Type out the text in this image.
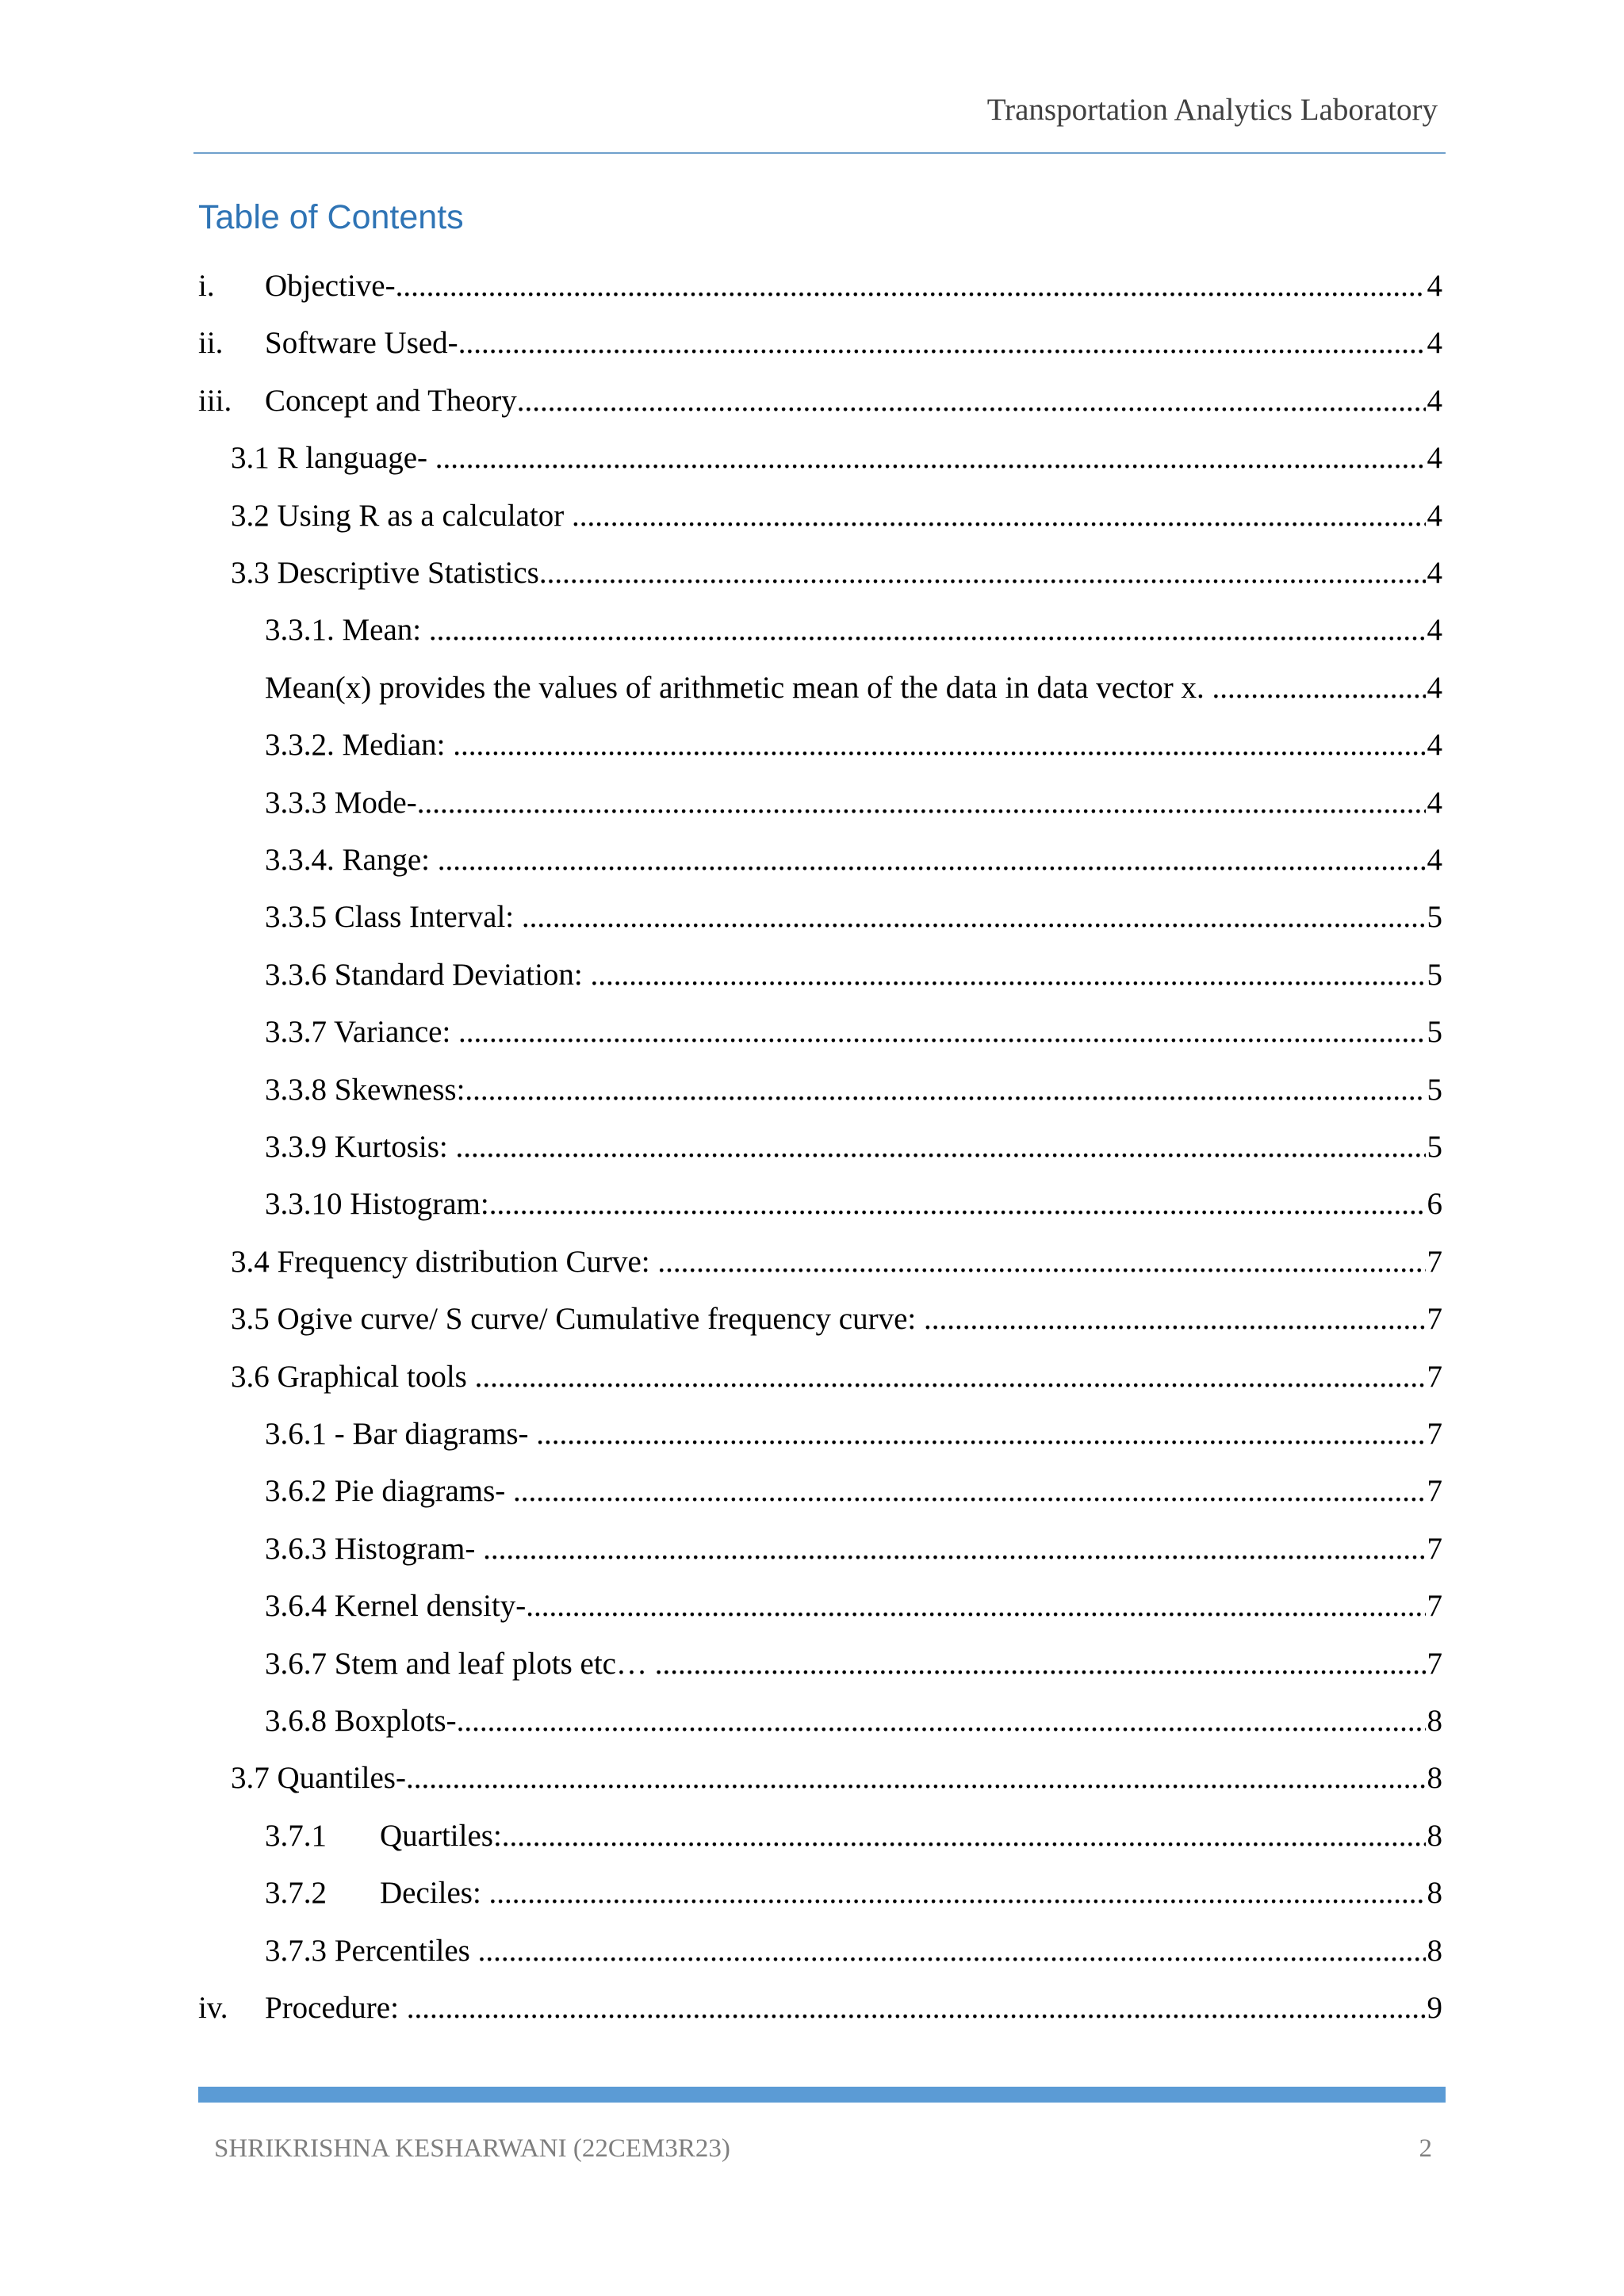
Transportation Analytics Laboratory
Table of Contents
i.	Objective- .....	4
ii.	Software Used- .....	4
iii.	Concept and Theory .....	4
3.1 R language- .....	4
3.2 Using R as a calculator .....	4
3.3 Descriptive Statistics. .....	4
3.3.1. Mean: .....	4
Mean(x) provides the values of arithmetic mean of the data in data vector x. .....	4
3.3.2. Median: .....	4
3.3.3 Mode- .....	4
3.3.4. Range: .....	4
3.3.5 Class Interval: .....	5
3.3.6 Standard Deviation: .....	5
3.3.7 Variance: .....	5
3.3.8 Skewness: .....	5
3.3.9 Kurtosis: .....	5
3.3.10 Histogram: .....	6
3.4 Frequency distribution Curve: .....	7
3.5 Ogive curve/ S curve/ Cumulative frequency curve: .....	7
3.6 Graphical tools .....	7
3.6.1 - Bar diagrams- .....	7
3.6.2 Pie diagrams- .....	7
3.6.3 Histogram- .....	7
3.6.4 Kernel density- .....	7
3.6.7 Stem and leaf plots etc… .....	7
3.6.8 Boxplots- .....	8
3.7 Quantiles- .....	8
3.7.1	Quartiles: .....	8
3.7.2	Deciles: .....	8
3.7.3 Percentiles .....	8
iv.	Procedure: .....	9
SHRIKRISHNA KESHARWANI (22CEM3R23)	2
